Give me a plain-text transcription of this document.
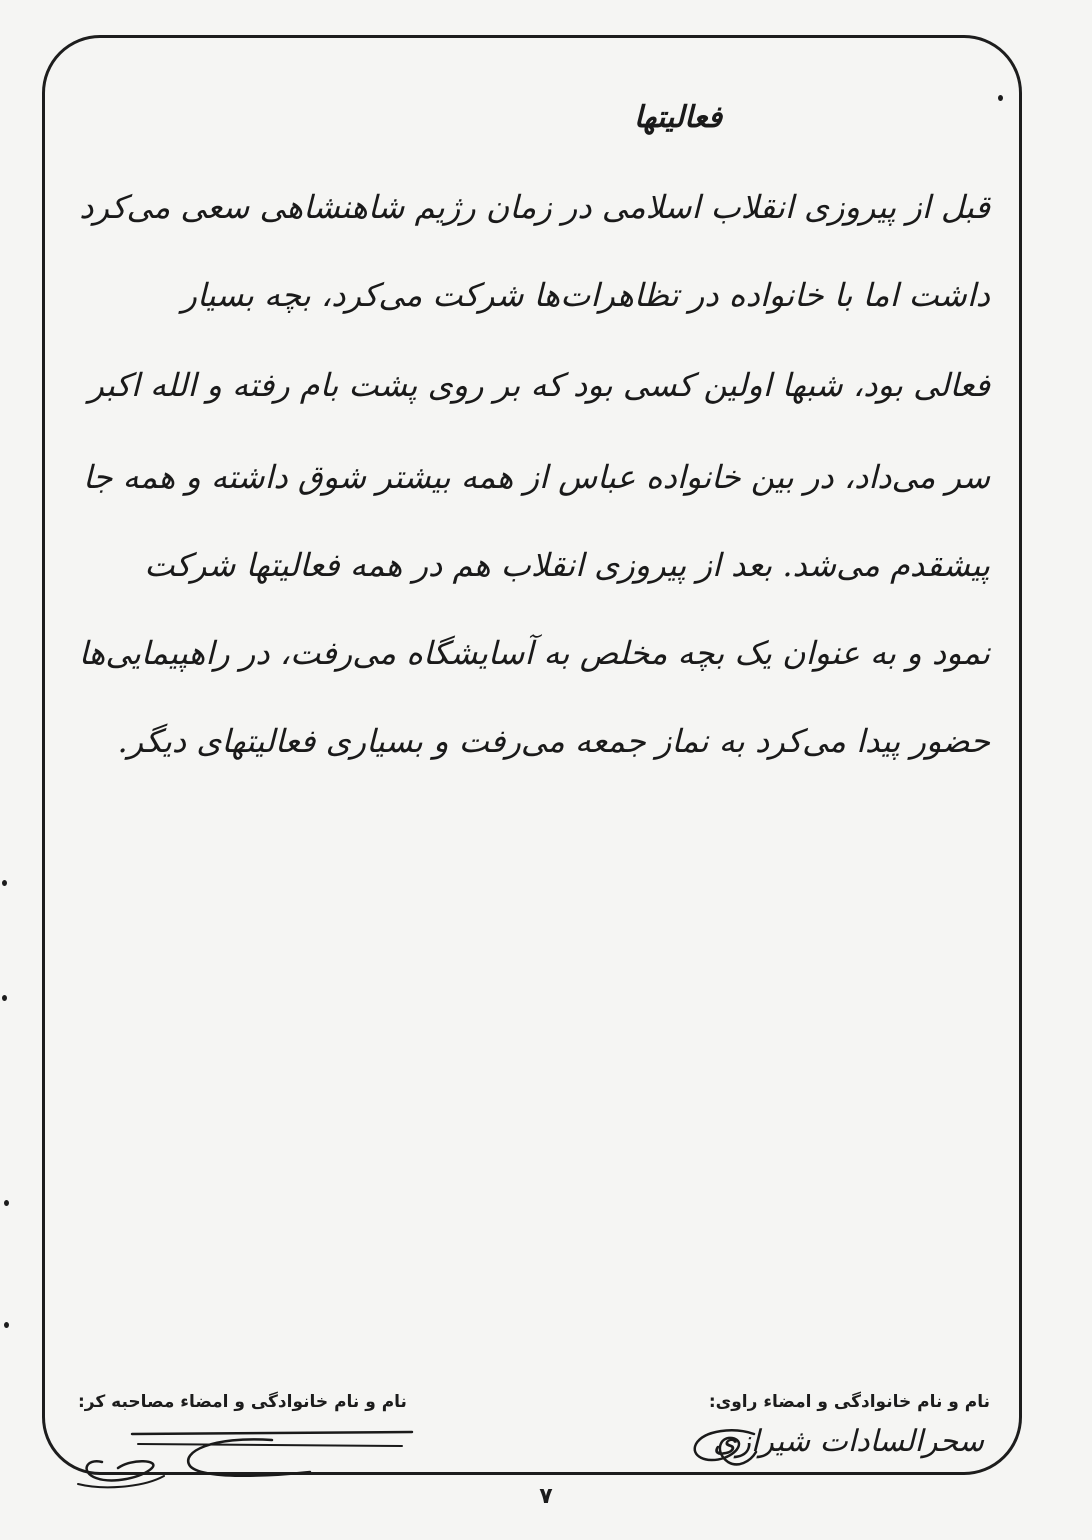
فعالیتها
قبل از پیروزی انقلاب اسلامی در زمان رژیم شاهنشاهی سعی می‌کرد
داشت اما با خانواده در تظاهرات‌ها شرکت می‌کرد، بچه بسیار
فعالی بود، شبها اولین کسی بود که بر روی پشت بام رفته و الله اکبر
سر می‌داد، در بین خانواده عباس از همه بیشتر شوق داشته و همه جا
پیشقدم می‌شد. بعد از پیروزی انقلاب هم در همه فعالیتها شرکت
نمود و به عنوان یک بچه مخلص به آسایشگاه می‌رفت، در راهپیمایی‌ها
حضور پیدا می‌کرد به نماز جمعه می‌رفت و بسیاری فعالیتهای دیگر.
نام و نام خانوادگی و امضاء راوی:
نام و نام خانوادگی و امضاء مصاحبه کر:
سحرالسادات شیرازی
۷
